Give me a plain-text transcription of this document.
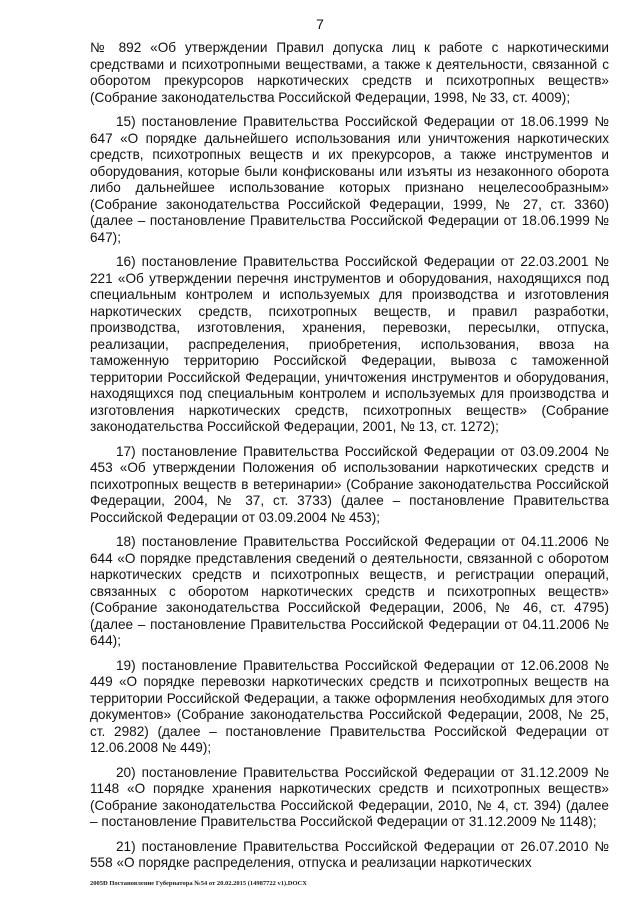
7

№ 892 «Об утверждении Правил допуска лиц к работе с наркотическими средствами и психотропными веществами, а также к деятельности, связанной с оборотом прекурсоров наркотических средств и психотропных веществ» (Собрание законодательства Российской Федерации, 1998, № 33, ст. 4009);

15) постановление Правительства Российской Федерации от 18.06.1999 № 647 «О порядке дальнейшего использования или уничтожения наркотических средств, психотропных веществ и их прекурсоров, а также инструментов и оборудования, которые были конфискованы или изъяты из незаконного оборота либо дальнейшее использование которых признано нецелесообразным» (Собрание законодательства Российской Федерации, 1999, № 27, ст. 3360) (далее – постановление Правительства Российской Федерации от 18.06.1999 № 647);

16) постановление Правительства Российской Федерации от 22.03.2001 № 221 «Об утверждении перечня инструментов и оборудования, находящихся под специальным контролем и используемых для производства и изготовления наркотических средств, психотропных веществ, и правил разработки, производства, изготовления, хранения, перевозки, пересылки, отпуска, реализации, распределения, приобретения, использования, ввоза на таможенную территорию Российской Федерации, вывоза с таможенной территории Российской Федерации, уничтожения инструментов и оборудования, находящихся под специальным контролем и используемых для производства и изготовления наркотических средств, психотропных веществ» (Собрание законодательства Российской Федерации, 2001, № 13, ст. 1272);

17) постановление Правительства Российской Федерации от 03.09.2004 № 453 «Об утверждении Положения об использовании наркотических средств и психотропных веществ в ветеринарии» (Собрание законодательства Российской Федерации, 2004, № 37, ст. 3733) (далее – постановление Правительства Российской Федерации от 03.09.2004 № 453);

18) постановление Правительства Российской Федерации от 04.11.2006 № 644 «О порядке представления сведений о деятельности, связанной с оборотом наркотических средств и психотропных веществ, и регистрации операций, связанных с оборотом наркотических средств и психотропных веществ» (Собрание законодательства Российской Федерации, 2006, № 46, ст. 4795) (далее – постановление Правительства Российской Федерации от 04.11.2006 № 644);

19) постановление Правительства Российской Федерации от 12.06.2008 № 449 «О порядке перевозки наркотических средств и психотропных веществ на территории Российской Федерации, а также оформления необходимых для этого документов» (Собрание законодательства Российской Федерации, 2008, № 25, ст. 2982) (далее – постановление Правительства Российской Федерации от 12.06.2008 № 449);

20) постановление Правительства Российской Федерации от 31.12.2009 № 1148 «О порядке хранения наркотических средств и психотропных веществ» (Собрание законодательства Российской Федерации, 2010, № 4, ст. 394) (далее – постановление Правительства Российской Федерации от 31.12.2009 № 1148);

21) постановление Правительства Российской Федерации от 26.07.2010 № 558 «О порядке распределения, отпуска и реализации наркотических

2005Ð Постановление Губернатора №54 от 20.02.2015 (14987722 v1).DOCX
